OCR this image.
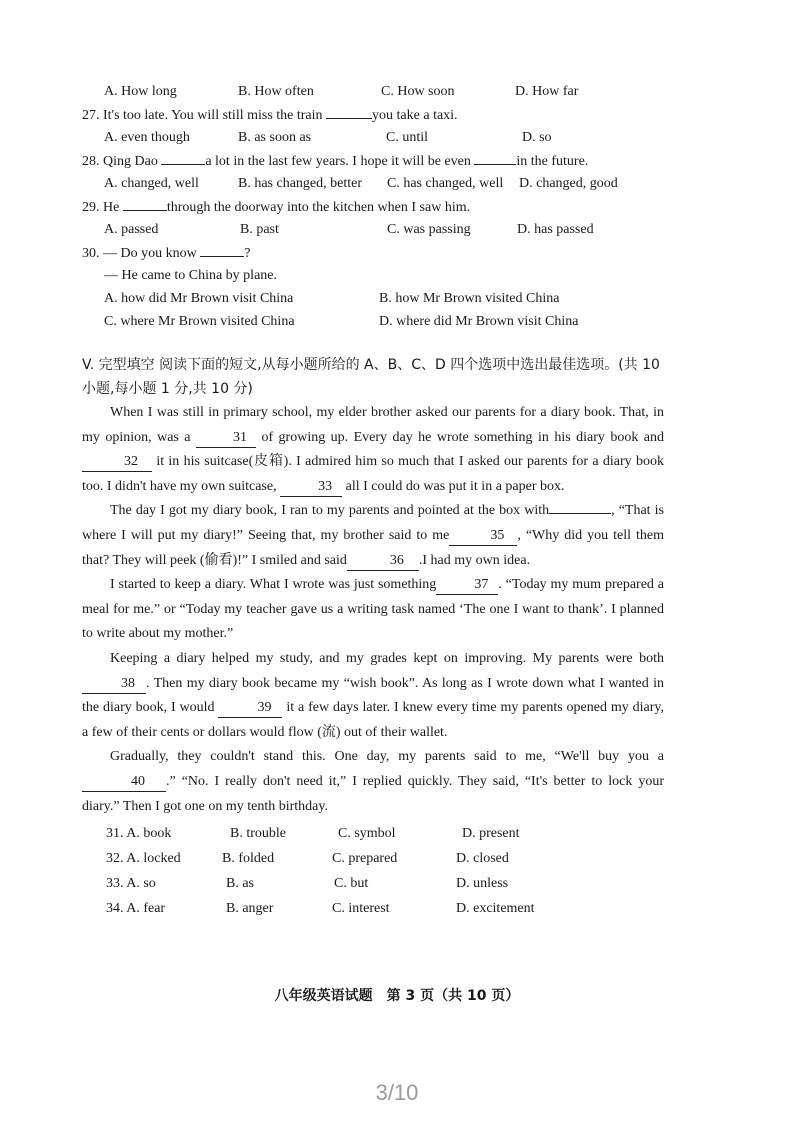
A. How long	B. How often	C. How soon	D. How far
27. It's too late. You will still miss the train	you take a taxi.
A. even though	B. as soon as	C. until	D. so
28. Qing Dao	a lot in the last few years. I hope it will be even	in the future.
A. changed, well	B. has changed, better	C. has changed, well	D. changed, good
29. He	through the doorway into the kitchen when I saw him.
A. passed	B. past	C. was passing	D. has passed
30. — Do you know	?
— He came to China by plane.
A. how did Mr Brown visit China	B. how Mr Brown visited China
C. where Mr Brown visited China	D. where did Mr Brown visit China
V. 完型填空 阅读下面的短文,从每小题所给的 A、B、C、D 四个选项中选出最佳选项。(共 10 小题,每小题 1 分,共 10 分)

When I was still in primary school, my elder brother asked our parents for a diary book. That, in my opinion, was a	31 of growing up. Every day he wrote something in his diary book and 32 it in his suitcase(皮箱). I admired him so much that I asked our parents for a diary book too. I didn't have my own suitcase,	33 all I could do was put it in a paper box.

The day I got my diary book, I ran to my parents and pointed at the box with	, “That is where I will put my diary!” Seeing that, my brother said to me	35 , “Why did you tell them that? They will peek (偷看)!” I smiled and said	36 .I had my own idea.

I started to keep a diary. What I wrote was just something	37 . “Today my mum prepared a meal for me.” or “Today my teacher gave us a writing task named ‘The one I want to thank’. I planned to write about my mother.”

Keeping a diary helped my study, and my grades kept on improving. My parents were both 38 . Then my diary book became my “wish book”. As long as I wrote down what I wanted in the diary book, I would	39 it a few days later. I knew every time my parents opened my diary, a few of their cents or dollars would flow (流) out of their wallet.

Gradually, they couldn't stand this. One day, my parents said to me, “We'll buy you a 40 .” “No. I really don't need it,” I replied quickly. They said, “It's better to lock your diary.” Then I got one on my tenth birthday.

31. A. book	B. trouble	C. symbol	D. present
32. A. locked	B. folded	C. prepared	D. closed
33. A. so	B. as	C. but	D. unless
34. A. fear	B. anger	C. interest	D. excitement
八年级英语试题　第 3 页（共 10 页）
3/10
